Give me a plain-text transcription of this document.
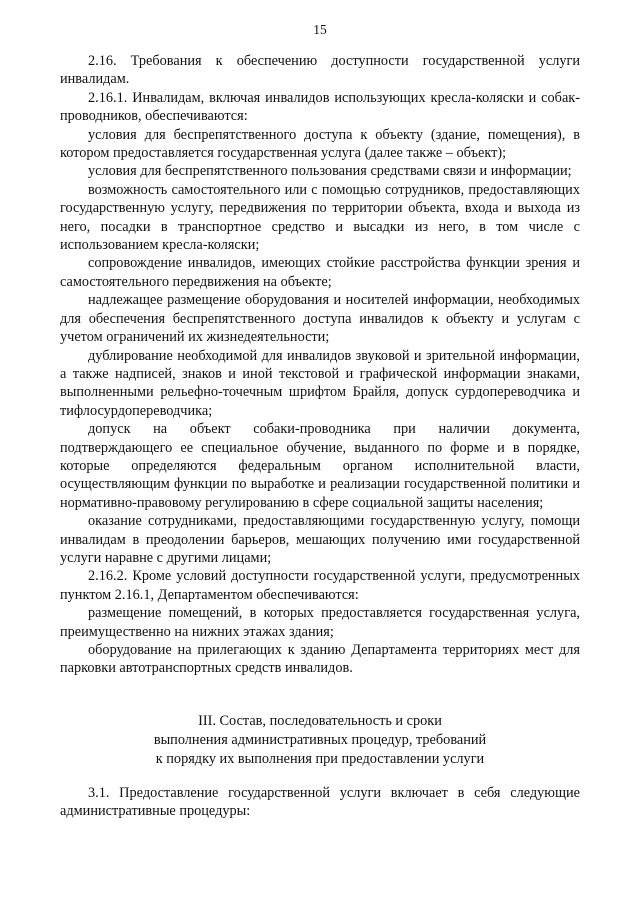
15

2.16. Требования к обеспечению доступности государственной услуги инвалидам.

2.16.1. Инвалидам, включая инвалидов использующих кресла-коляски и собак-проводников, обеспечиваются:

условия для беспрепятственного доступа к объекту (здание, помещения), в котором предоставляется государственная услуга (далее также – объект);

условия для беспрепятственного пользования средствами связи и информации;

возможность самостоятельного или с помощью сотрудников, предоставляющих государственную услугу, передвижения по территории объекта, входа и выхода из него, посадки в транспортное средство и высадки из него, в том числе с использованием кресла-коляски;

сопровождение инвалидов, имеющих стойкие расстройства функции зрения и самостоятельного передвижения на объекте;

надлежащее размещение оборудования и носителей информации, необходимых для обеспечения беспрепятственного доступа инвалидов к объекту и услугам с учетом ограничений их жизнедеятельности;

дублирование необходимой для инвалидов звуковой и зрительной информации, а также надписей, знаков и иной текстовой и графической информации знаками, выполненными рельефно-точечным шрифтом Брайля, допуск сурдопереводчика и тифлосурдопереводчика;

допуск на объект собаки-проводника при наличии документа, подтверждающего ее специальное обучение, выданного по форме и в порядке, которые определяются федеральным органом исполнительной власти, осуществляющим функции по выработке и реализации государственной политики и нормативно-правовому регулированию в сфере социальной защиты населения;

оказание сотрудниками, предоставляющими государственную услугу, помощи инвалидам в преодолении барьеров, мешающих получению ими государственной услуги наравне с другими лицами;

2.16.2. Кроме условий доступности государственной услуги, предусмотренных пунктом 2.16.1, Департаментом обеспечиваются:

размещение помещений, в которых предоставляется государственная услуга, преимущественно на нижних этажах здания;

оборудование на прилегающих к зданию Департамента территориях мест для парковки автотранспортных средств инвалидов.

III. Состав, последовательность и сроки
выполнения административных процедур, требований
к порядку их выполнения при предоставлении услуги

3.1. Предоставление государственной услуги включает в себя следующие административные процедуры:
